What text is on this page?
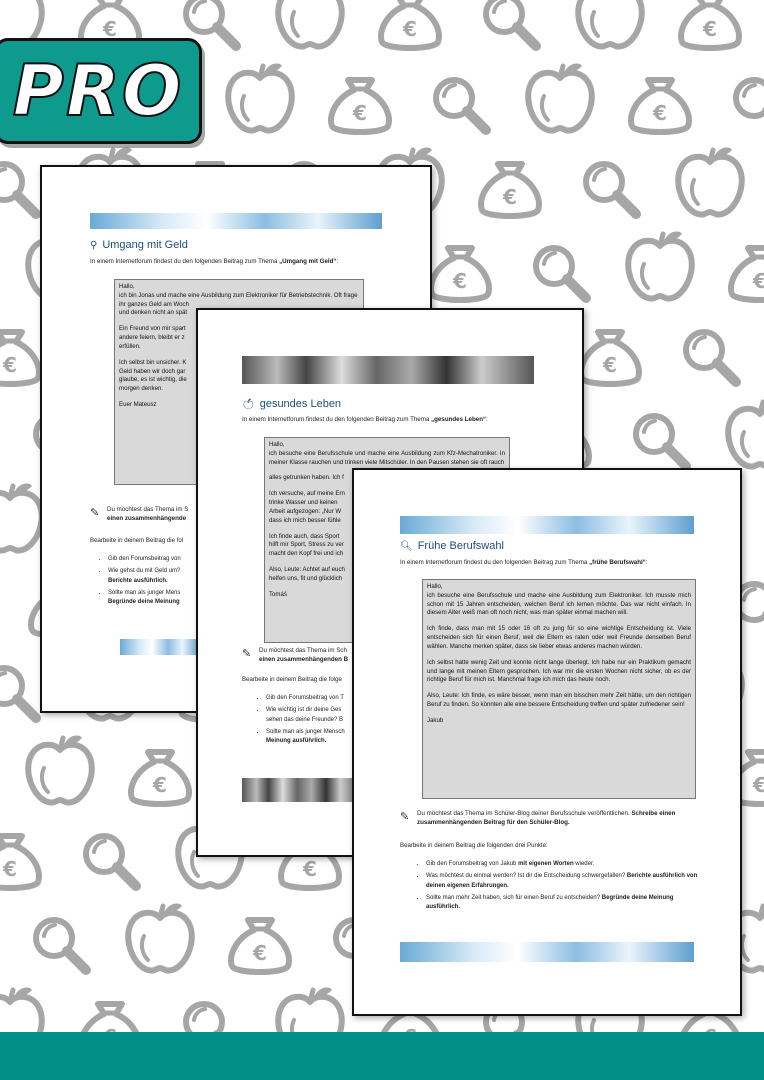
PRO
⚲ Umgang mit Geld
In einem Internetforum findest du den folgenden Beitrag zum Thema „Umgang mit Geld“:
Hallo,
ich bin Jonas und mache eine Ausbildung zum Elektroniker für Betriebstechnik. Oft frage
ihr ganzes Geld am Woch

und denken nicht an spät

Ein Freund von mir spart
andere feiern, bleibt er z

erfüllen.

Ich selbst bin unsicher. K
Geld haben wir doch gar
glaube, es ist wichtig, die

morgen denken.

Euer Mateusz
✎ Du möchtest das Thema im S
einen zusammenhängende
Bearbeite in deinem Beitrag die fol
• Gib den Forumsbeitrag von
• Wie gehst du mit Geld um?
Berichte ausführlich.
• Sollte man als junger Mens
Begründe deine Meinung
🍏︎ gesundes Leben
In einem Internetforum findest du den folgenden Beitrag zum Thema „gesundes Leben“:
Hallo,

ich besuche eine Berufsschule und mache eine Ausbildung zum Kfz-Mechatroniker. In meiner Klasse rauchen und trinken viele Mitschüler. In den Pausen stehen sie oft rauch

alles getrunken haben. Ich f

Ich versuche, auf meine Ern
trinke Wasser und keinen
Arbeit aufgezogen: „Nur W

dass ich mich besser fühle

Ich finde auch, dass Sport
hilft mir Sport, Stress zu ver

macht den Kopf frei und ich

Also, Leute: Achtet auf euch

helfen uns, fit und glücklich

Tomáš
✎ Du möchtest das Thema im Sch
einen zusammenhängenden B
Bearbeite in deinem Beitrag die folge
• Gib den Forumsbeitrag von T
• Wie wichtig ist dir deine Ges
sehen das deine Freunde? B
• Sollte man als junger Mensch
Meinung ausführlich.
🔍︎ Frühe Berufswahl
In einem Internetforum findest du den folgenden Beitrag zum Thema „frühe Berufswahl“:
Hallo,

ich besuche eine Berufsschule und mache eine Ausbildung zum Elektroniker. Ich musste mich schon mit 15 Jahren entscheiden, welchen Beruf ich lernen möchte. Das war nicht einfach. In diesem Alter weiß man oft noch nicht, was man später einmal machen will.

Ich finde, dass man mit 15 oder 16 oft zu jung für so eine wichtige Entscheidung ist. Viele entscheiden sich für einen Beruf, weil die Eltern es raten oder weil Freunde denselben Beruf wählen. Manche merken später, dass sie lieber etwas anderes machen würden.

Ich selbst hatte wenig Zeit und konnte nicht lange überlegt. Ich habe nur ein Praktikum gemacht und lange mit meinen Eltern gesprochen. Ich war mir die ersten Wochen nicht sicher, ob es der richtige Beruf für mich ist. Manchmal frage ich mich das heute noch.

Also, Leute: Ich finde, es wäre besser, wenn man ein bisschen mehr Zeit hätte, um den richtigen Beruf zu finden. So könnten alle eine bessere Entscheidung treffen und später zufriedener sein!

Jakub
✎ Du möchtest das Thema im Schüler-Blog deiner Berufsschule veröffentlichen. Schreibe einen zusammenhängenden Beitrag für den Schüler-Blog.
Bearbeite in deinem Beitrag die folgenden drei Punkte:
• Gib den Forumsbeitrag von Jakub mit eigenen Worten wieder.
• Was möchtest du einmal werden? Ist dir die Entscheidung schwergefallen? Berichte ausführlich von deinen eigenen Erfahrungen.
• Sollte man mehr Zeit haben, sich für einen Beruf zu entscheiden? Begründe deine Meinung ausführlich.
